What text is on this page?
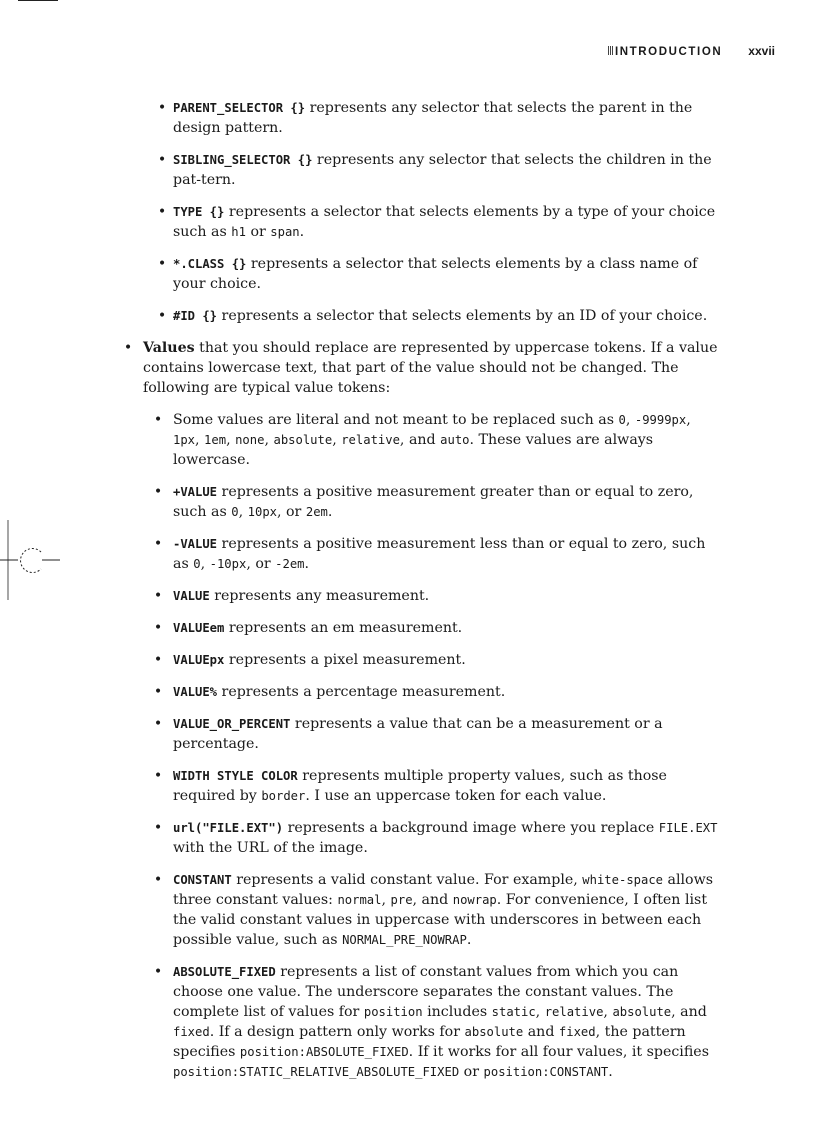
INTRODUCTION xxvii
• PARENT_SELECTOR {} represents any selector that selects the parent in the design pattern.
• SIBLING_SELECTOR {} represents any selector that selects the children in the pat-tern.
• TYPE {} represents a selector that selects elements by a type of your choice such as h1 or span.
• *.CLASS {} represents a selector that selects elements by a class name of your choice.
• #ID {} represents a selector that selects elements by an ID of your choice.
• Values that you should replace are represented by uppercase tokens. If a value contains lowercase text, that part of the value should not be changed. The following are typical value tokens:
• Some values are literal and not meant to be replaced such as 0, -9999px, 1px, 1em, none, absolute, relative, and auto. These values are always lowercase.
• +VALUE represents a positive measurement greater than or equal to zero, such as 0, 10px, or 2em.
• -VALUE represents a positive measurement less than or equal to zero, such as 0, -10px, or -2em.
• VALUE represents any measurement.
• VALUEem represents an em measurement.
• VALUEpx represents a pixel measurement.
• VALUE% represents a percentage measurement.
• VALUE_OR_PERCENT represents a value that can be a measurement or a percentage.
• WIDTH STYLE COLOR represents multiple property values, such as those required by border. I use an uppercase token for each value.
• url("FILE.EXT") represents a background image where you replace FILE.EXT with the URL of the image.
• CONSTANT represents a valid constant value. For example, white-space allows three constant values: normal, pre, and nowrap. For convenience, I often list the valid constant values in uppercase with underscores in between each possible value, such as NORMAL_PRE_NOWRAP.
• ABSOLUTE_FIXED represents a list of constant values from which you can choose one value. The underscore separates the constant values. The complete list of values for position includes static, relative, absolute, and fixed. If a design pattern only works for absolute and fixed, the pattern specifies position:ABSOLUTE_FIXED. If it works for all four values, it specifies position:STATIC_RELATIVE_ABSOLUTE_FIXED or position:CONSTANT.
